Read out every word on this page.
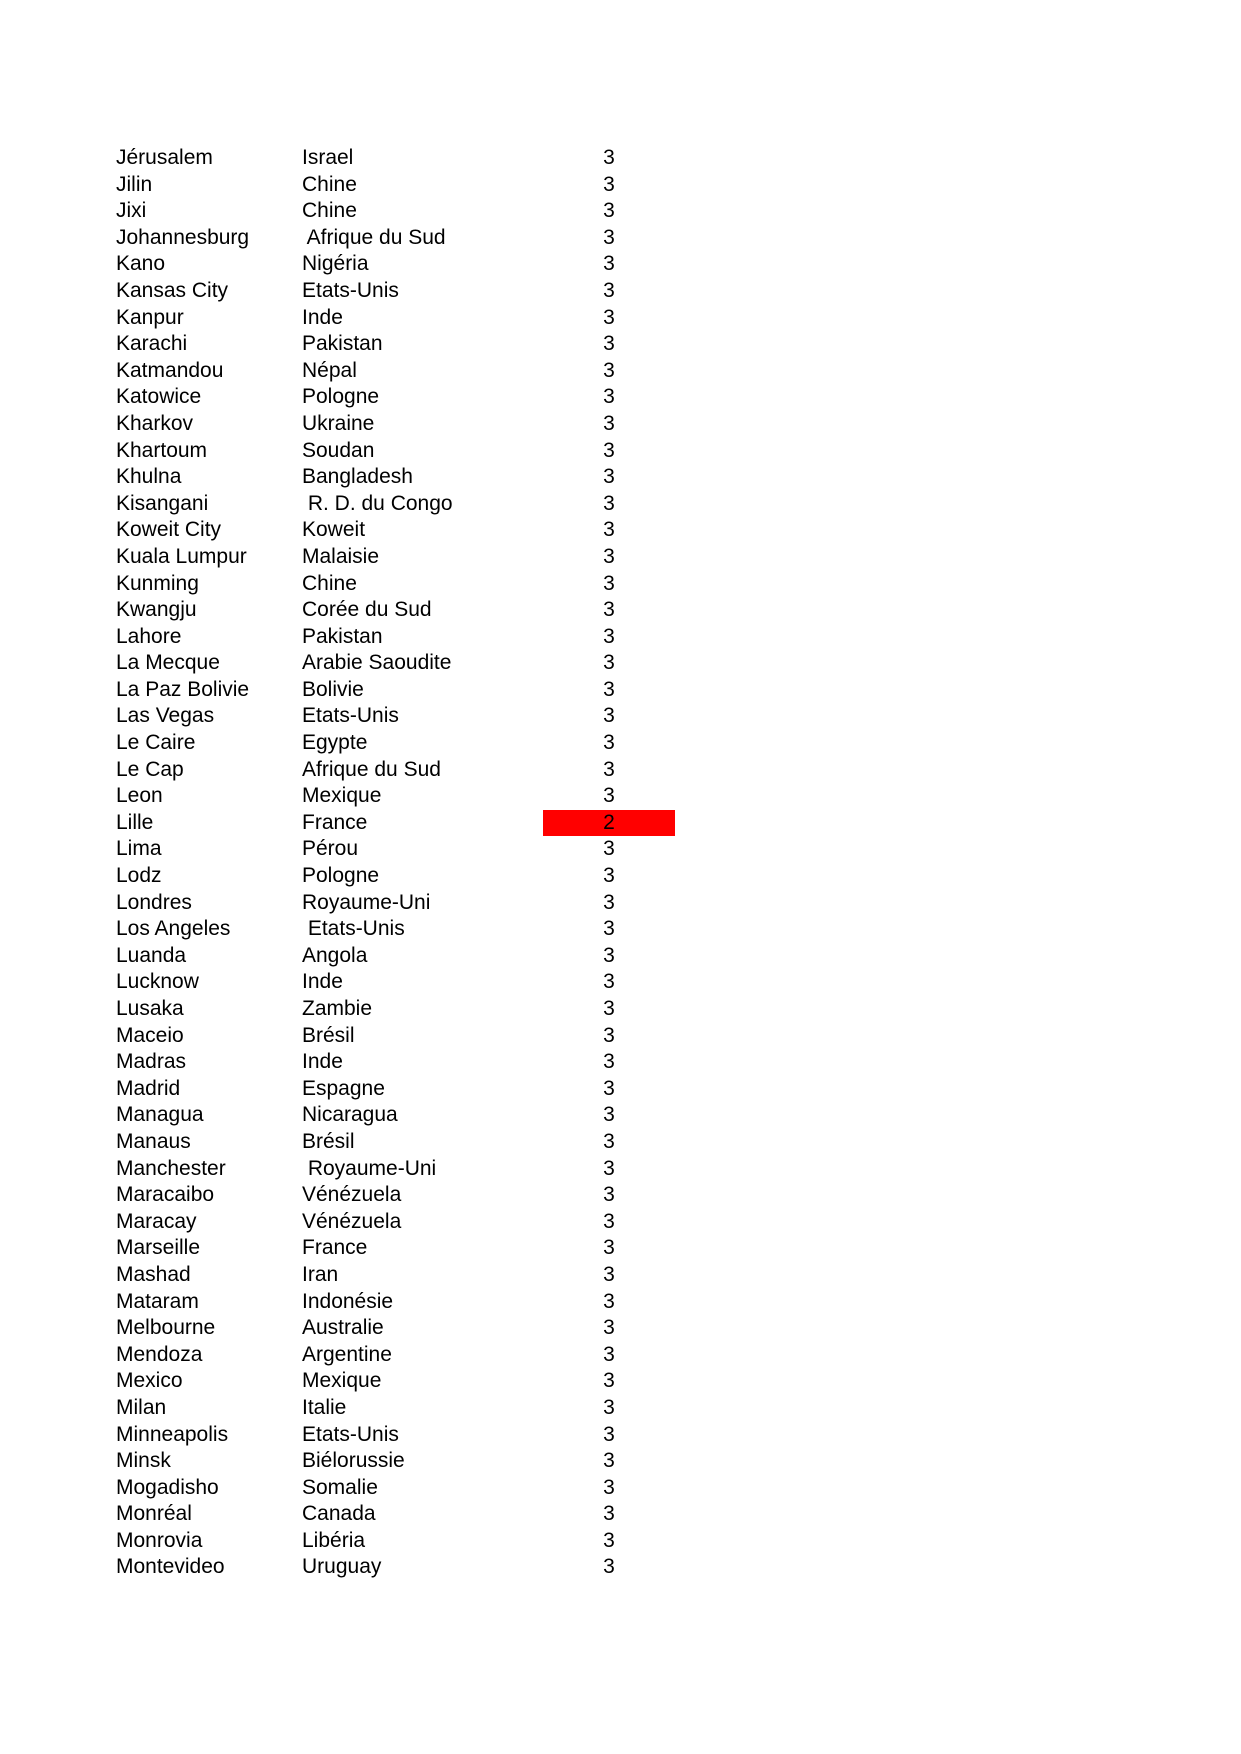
Jérusalem	Israel	3
Jilin	Chine	3
Jixi	Chine	3
Johannesburg	Afrique du Sud	3
Kano	Nigéria	3
Kansas City	Etats-Unis	3
Kanpur	Inde	3
Karachi	Pakistan	3
Katmandou	Népal	3
Katowice	Pologne	3
Kharkov	Ukraine	3
Khartoum	Soudan	3
Khulna	Bangladesh	3
Kisangani	R. D. du Congo	3
Koweit City	Koweit	3
Kuala Lumpur	Malaisie	3
Kunming	Chine	3
Kwangju	Corée du Sud	3
Lahore	Pakistan	3
La Mecque	Arabie Saoudite	3
La Paz Bolivie	Bolivie	3
Las Vegas	Etats-Unis	3
Le Caire	Egypte	3
Le Cap	Afrique du Sud	3
Leon	Mexique	3
Lille	France	2
Lima	Pérou	3
Lodz	Pologne	3
Londres	Royaume-Uni	3
Los Angeles	Etats-Unis	3
Luanda	Angola	3
Lucknow	Inde	3
Lusaka	Zambie	3
Maceio	Brésil	3
Madras	Inde	3
Madrid	Espagne	3
Managua	Nicaragua	3
Manaus	Brésil	3
Manchester	Royaume-Uni	3
Maracaibo	Vénézuela	3
Maracay	Vénézuela	3
Marseille	France	3
Mashad	Iran	3
Mataram	Indonésie	3
Melbourne	Australie	3
Mendoza	Argentine	3
Mexico	Mexique	3
Milan	Italie	3
Minneapolis	Etats-Unis	3
Minsk	Biélorussie	3
Mogadisho	Somalie	3
Monréal	Canada	3
Monrovia	Libéria	3
Montevideo	Uruguay	3
